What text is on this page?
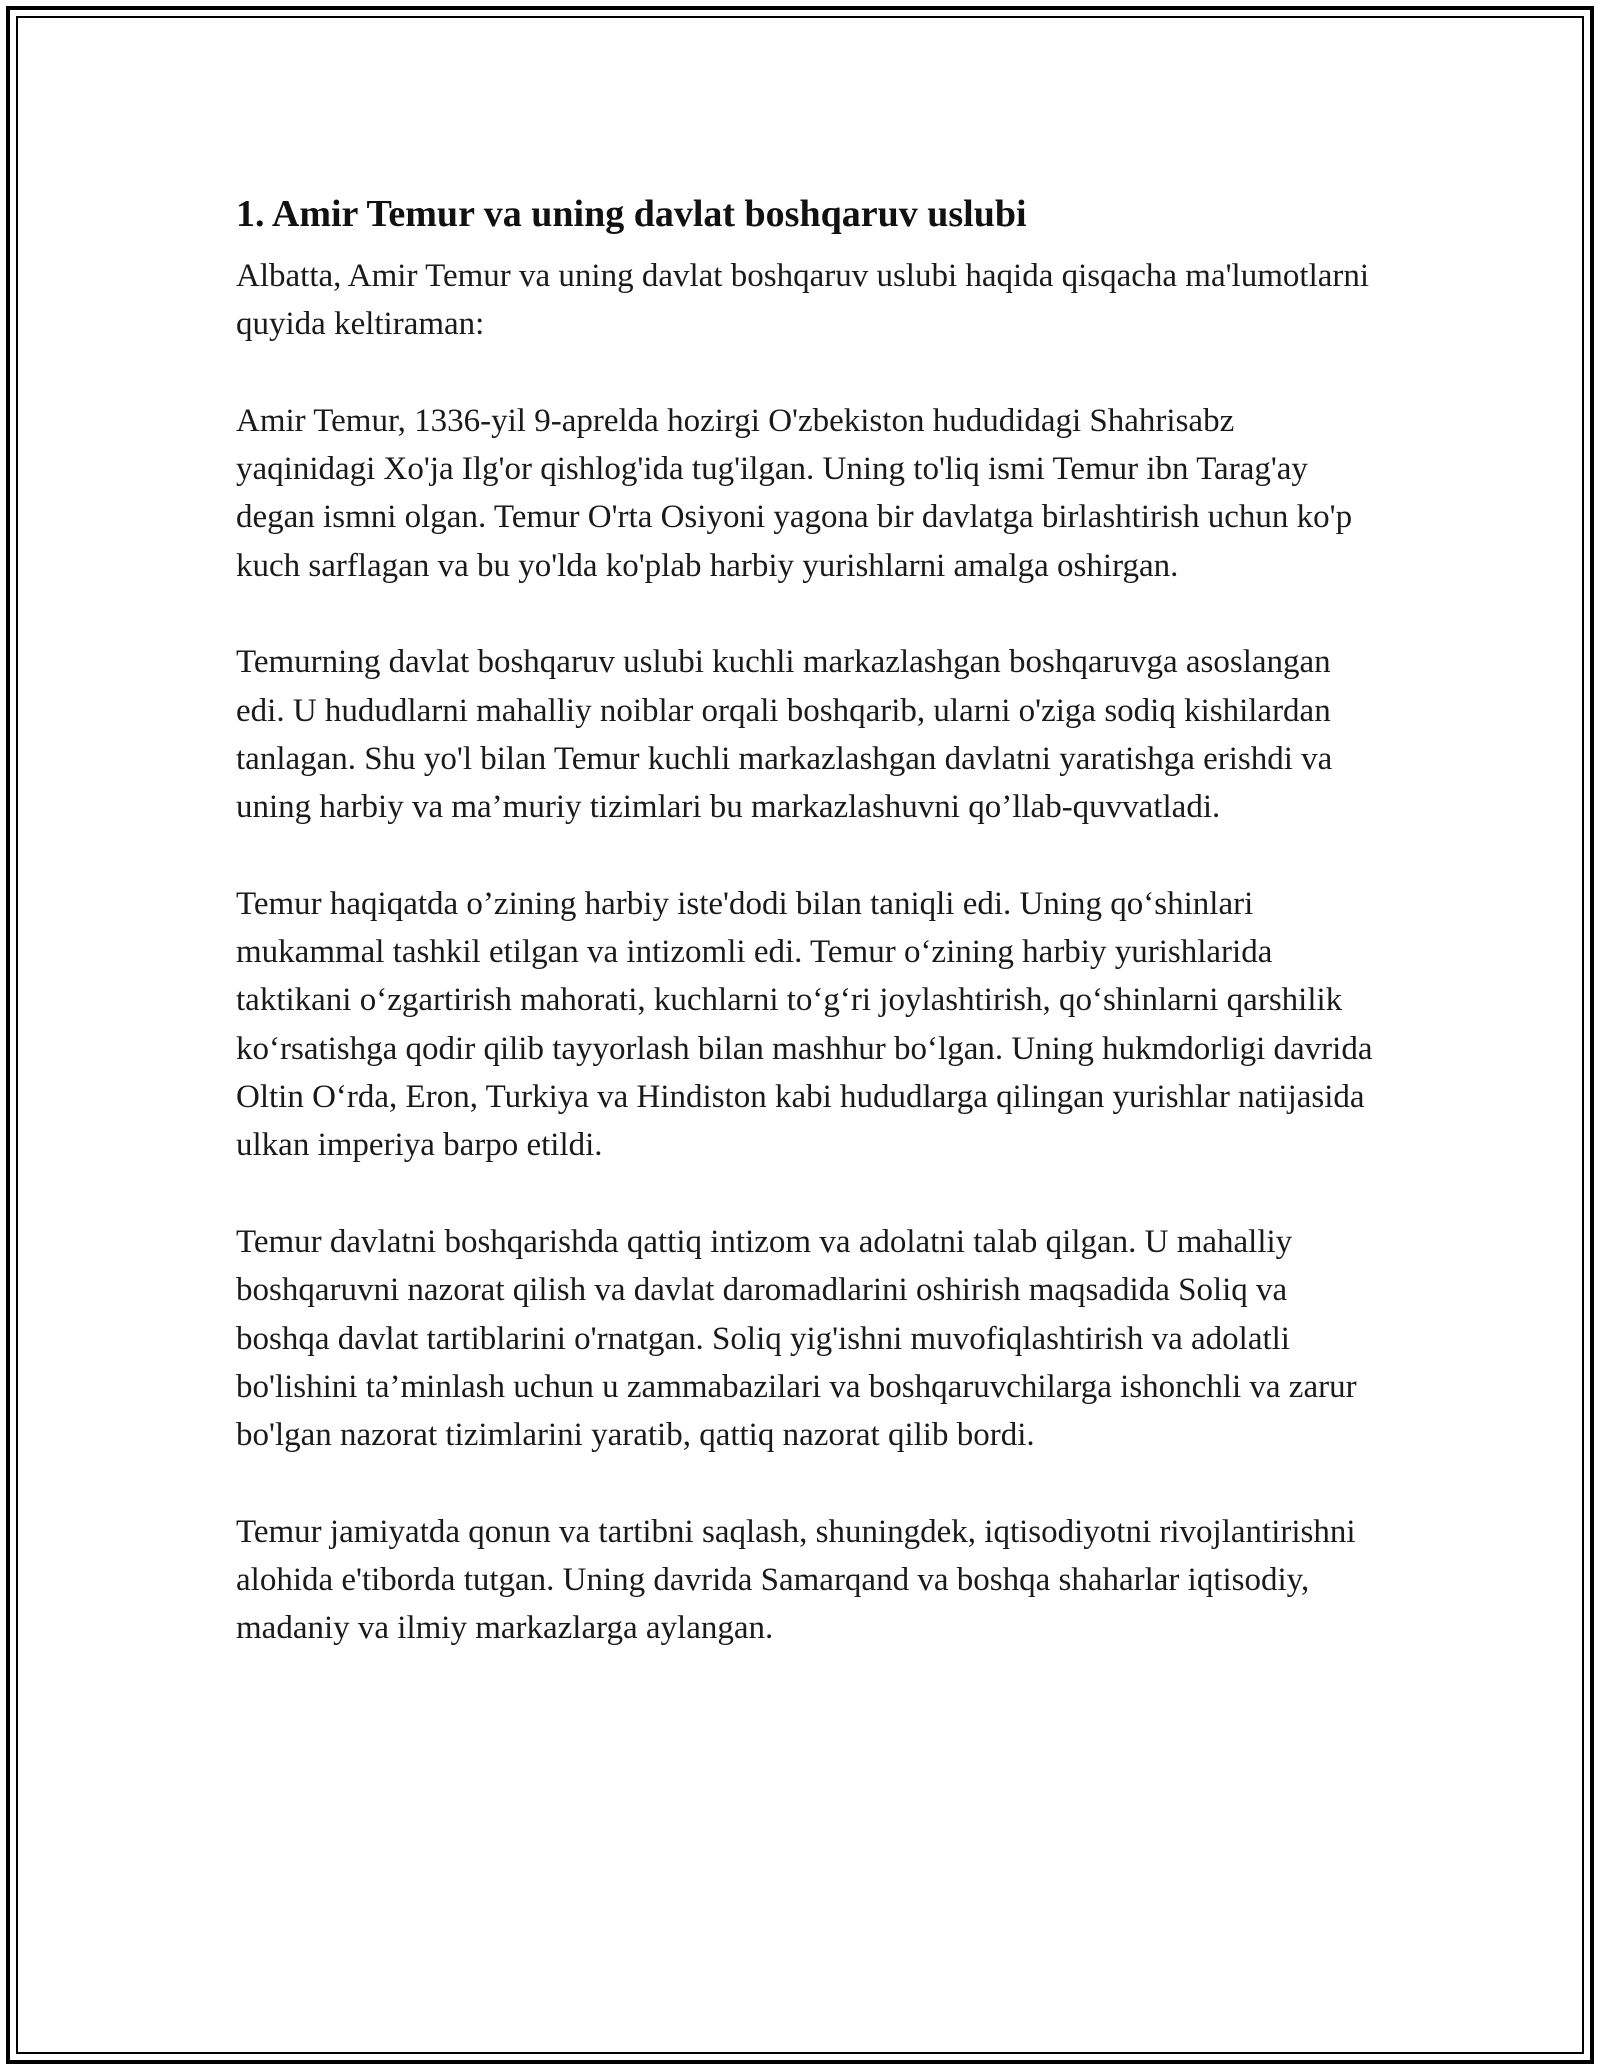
1. Amir Temur va uning davlat boshqaruv uslubi

Albatta, Amir Temur va uning davlat boshqaruv uslubi haqida qisqacha ma'lumotlarni quyida keltiraman:

Amir Temur, 1336-yil 9-aprelda hozirgi O'zbekiston hududidagi Shahrisabz yaqinidagi Xo'ja Ilg'or qishlog'ida tug'ilgan. Uning to'liq ismi Temur ibn Tarag'ay degan ismni olgan. Temur O'rta Osiyoni yagona bir davlatga birlashtirish uchun ko'p kuch sarflagan va bu yo'lda ko'plab harbiy yurishlarni amalga oshirgan.

Temurning davlat boshqaruv uslubi kuchli markazlashgan boshqaruvga asoslangan edi. U hududlarni mahalliy noiblar orqali boshqarib, ularni o'ziga sodiq kishilardan tanlagan. Shu yo'l bilan Temur kuchli markazlashgan davlatni yaratishga erishdi va uning harbiy va ma’muriy tizimlari bu markazlashuvni qo’llab-quvvatladi.

Temur haqiqatda o’zining harbiy iste'dodi bilan taniqli edi. Uning qo‘shinlari mukammal tashkil etilgan va intizomli edi. Temur o‘zining harbiy yurishlarida taktikani o‘zgartirish mahorati, kuchlarni to‘g‘ri joylashtirish, qo‘shinlarni qarshilik ko‘rsatishga qodir qilib tayyorlash bilan mashhur bo‘lgan. Uning hukmdorligi davrida Oltin O‘rda, Eron, Turkiya va Hindiston kabi hududlarga qilingan yurishlar natijasida ulkan imperiya barpo etildi.

Temur davlatni boshqarishda qattiq intizom va adolatni talab qilgan. U mahalliy boshqaruvni nazorat qilish va davlat daromadlarini oshirish maqsadida Soliq va boshqa davlat tartiblarini o'rnatgan. Soliq yig'ishni muvofiqlashtirish va adolatli bo'lishini ta’minlash uchun u zammabazilari va boshqaruvchilarga ishonchli va zarur bo'lgan nazorat tizimlarini yaratib, qattiq nazorat qilib bordi.

Temur jamiyatda qonun va tartibni saqlash, shuningdek, iqtisodiyotni rivojlantirishni alohida e'tiborda tutgan. Uning davrida Samarqand va boshqa shaharlar iqtisodiy, madaniy va ilmiy markazlarga aylangan.
